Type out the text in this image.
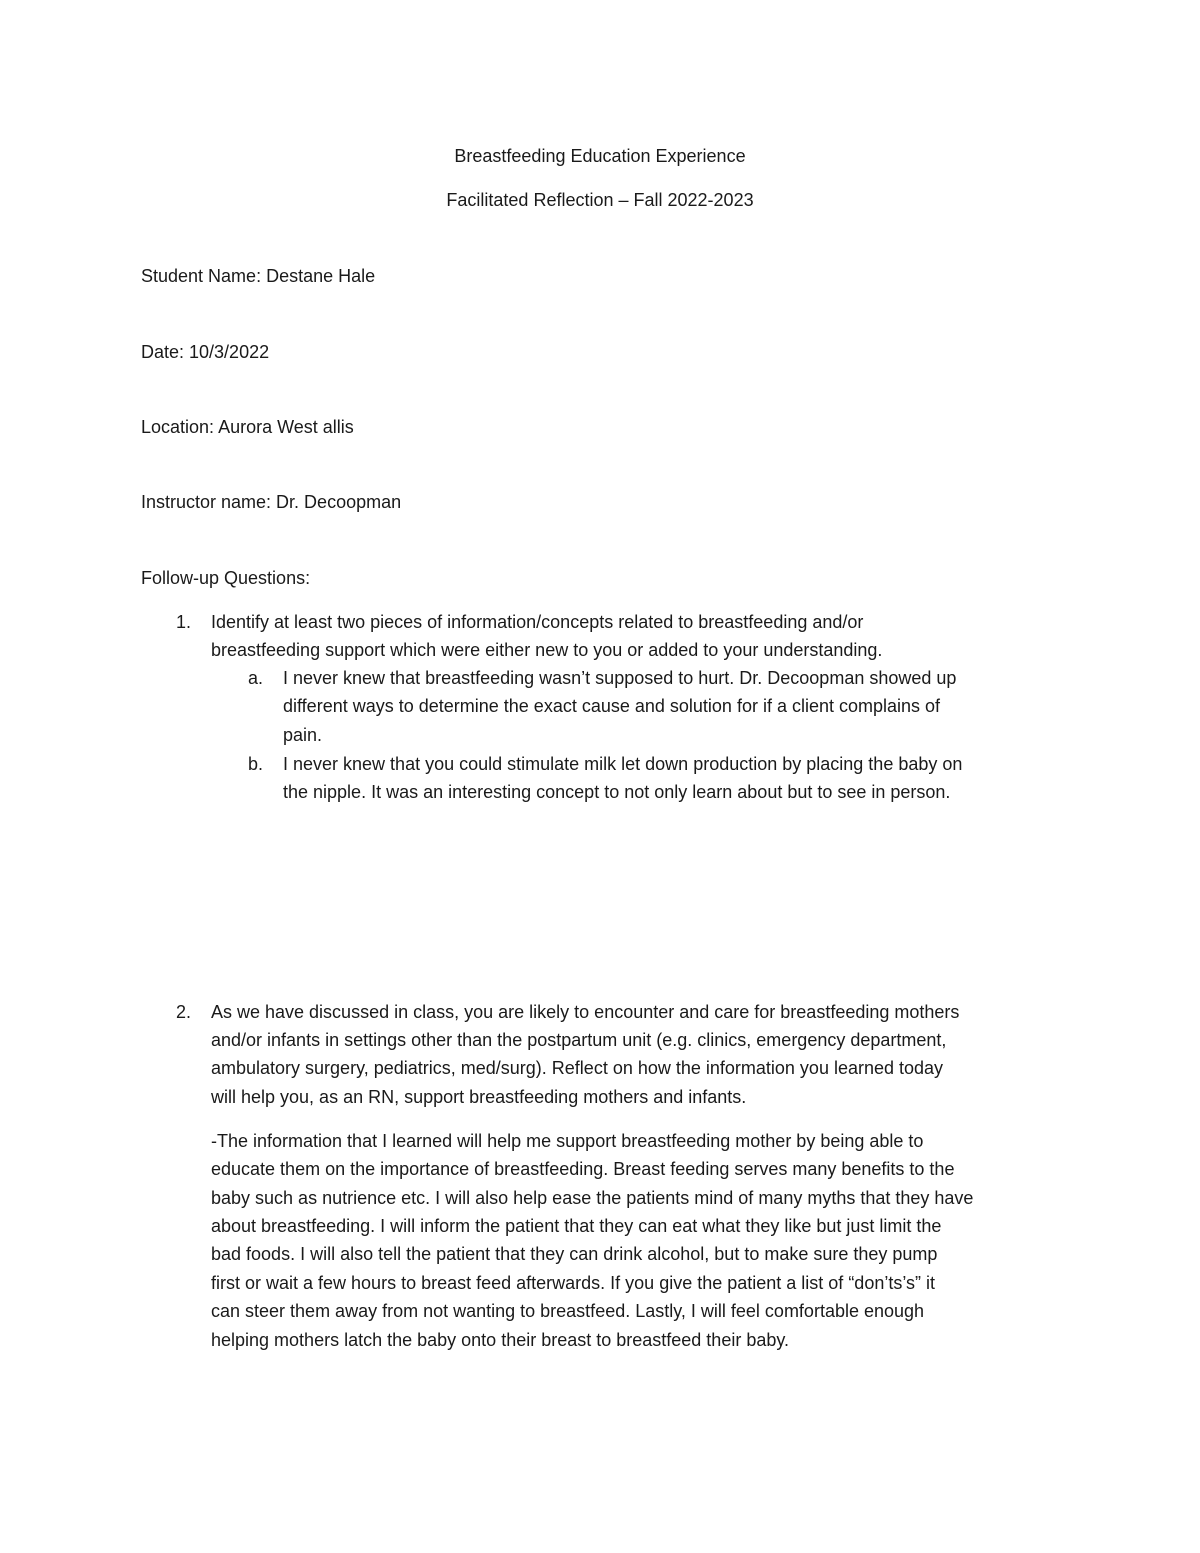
Breastfeeding Education Experience
Facilitated Reflection – Fall 2022-2023
Student Name: Destane Hale
Date: 10/3/2022
Location: Aurora West allis
Instructor name: Dr. Decoopman
Follow-up Questions:
1. Identify at least two pieces of information/concepts related to breastfeeding and/or
breastfeeding support which were either new to you or added to your understanding.
a. I never knew that breastfeeding wasn’t supposed to hurt. Dr. Decoopman showed up
different ways to determine the exact cause and solution for if a client complains of
pain.
b. I never knew that you could stimulate milk let down production by placing the baby on
the nipple. It was an interesting concept to not only learn about but to see in person.
2. As we have discussed in class, you are likely to encounter and care for breastfeeding mothers
and/or infants in settings other than the postpartum unit (e.g. clinics, emergency department,
ambulatory surgery, pediatrics, med/surg). Reflect on how the information you learned today
will help you, as an RN, support breastfeeding mothers and infants.
-The information that I learned will help me support breastfeeding mother by being able to
educate them on the importance of breastfeeding. Breast feeding serves many benefits to the
baby such as nutrience etc. I will also help ease the patients mind of many myths that they have
about breastfeeding. I will inform the patient that they can eat what they like but just limit the
bad foods. I will also tell the patient that they can drink alcohol, but to make sure they pump
first or wait a few hours to breast feed afterwards. If you give the patient a list of “don’ts’s” it
can steer them away from not wanting to breastfeed. Lastly, I will feel comfortable enough
helping mothers latch the baby onto their breast to breastfeed their baby.
